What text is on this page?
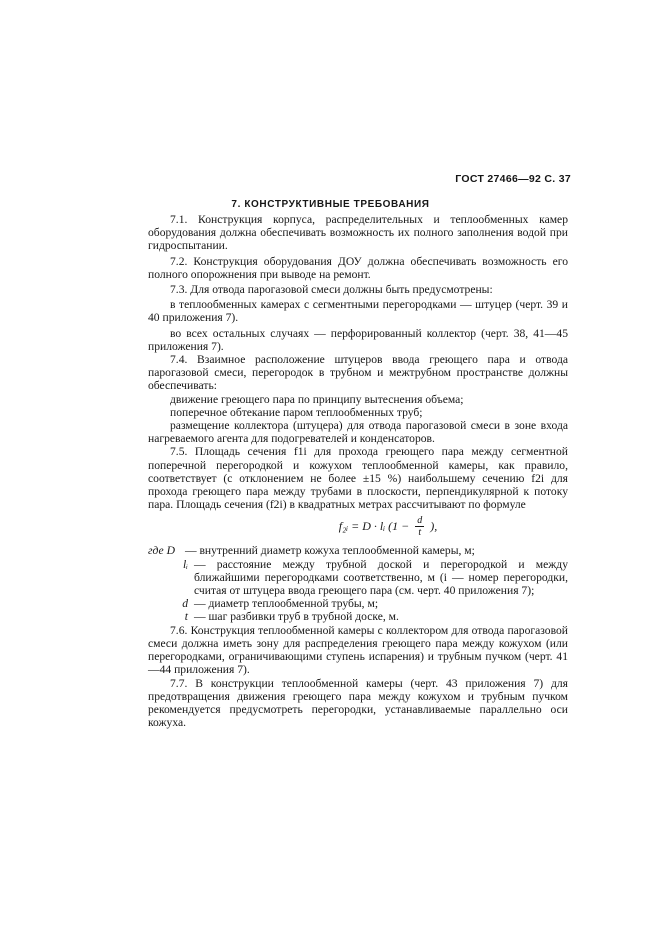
ГОСТ 27466—92 С. 37
7. КОНСТРУКТИВНЫЕ ТРЕБОВАНИЯ

7.1. Конструкция корпуса, распределительных и теплообменных камер оборудования должна обеспечивать возможность их полного заполнения водой при гидроспытании.

7.2. Конструкция оборудования ДОУ должна обеспечивать возможность его полного опорожнения при выводе на ремонт.

7.3. Для отвода парогазовой смеси должны быть предусмотрены:

в теплообменных камерах с сегментными перегородками — штуцер (черт. 39 и 40 приложения 7).

во всех остальных случаях — перфорированный коллектор (черт. 38, 41—45 приложения 7).

7.4. Взаимное расположение штуцеров ввода греющего пара и отвода парогазовой смеси, перегородок в трубном и межтрубном пространстве должны обеспечивать:

движение греющего пара по принципу вытеснения объема;

поперечное обтекание паром теплообменных труб;

размещение коллектора (штуцера) для отвода парогазовой смеси в зоне входа нагреваемого агента для подогревателей и конденсаторов.

7.5. Площадь сечения f1i для прохода греющего пара между сегментной поперечной перегородкой и кожухом теплообменной камеры, как правило, соответствует (с отклонением не более ±15 %) наибольшему сечению f2i для прохода греющего пара между трубами в плоскости, перпендикулярной к потоку пара. Площадь сечения (f2i) в квадратных метрах рассчитывают по формуле

f₂ᵢ = D · lᵢ ($1 - \frac{d}{t}$ ),
где D — внутренний диаметр кожуха теплообменной камеры, м;
lᵢ — расстояние между трубной доской и перегородкой и между ближайшими перегородками соответственно, м (i — номер перегородки, считая от штуцера ввода греющего пара (см. черт. 40 приложения 7);
d — диаметр теплообменной трубы, м;
t — шаг разбивки труб в трубной доске, м.

7.6. Конструкция теплообменной камеры с коллектором для отвода парогазовой смеси должна иметь зону для распределения греющего пара между кожухом (или перегородками, ограничивающими ступень испарения) и трубным пучком (черт. 41—44 приложения 7).

7.7. В конструкции теплообменной камеры (черт. 43 приложения 7) для предотвращения движения греющего пара между кожухом и трубным пучком рекомендуется предусмотреть перегородки, устанавливаемые параллельно оси кожуха.
